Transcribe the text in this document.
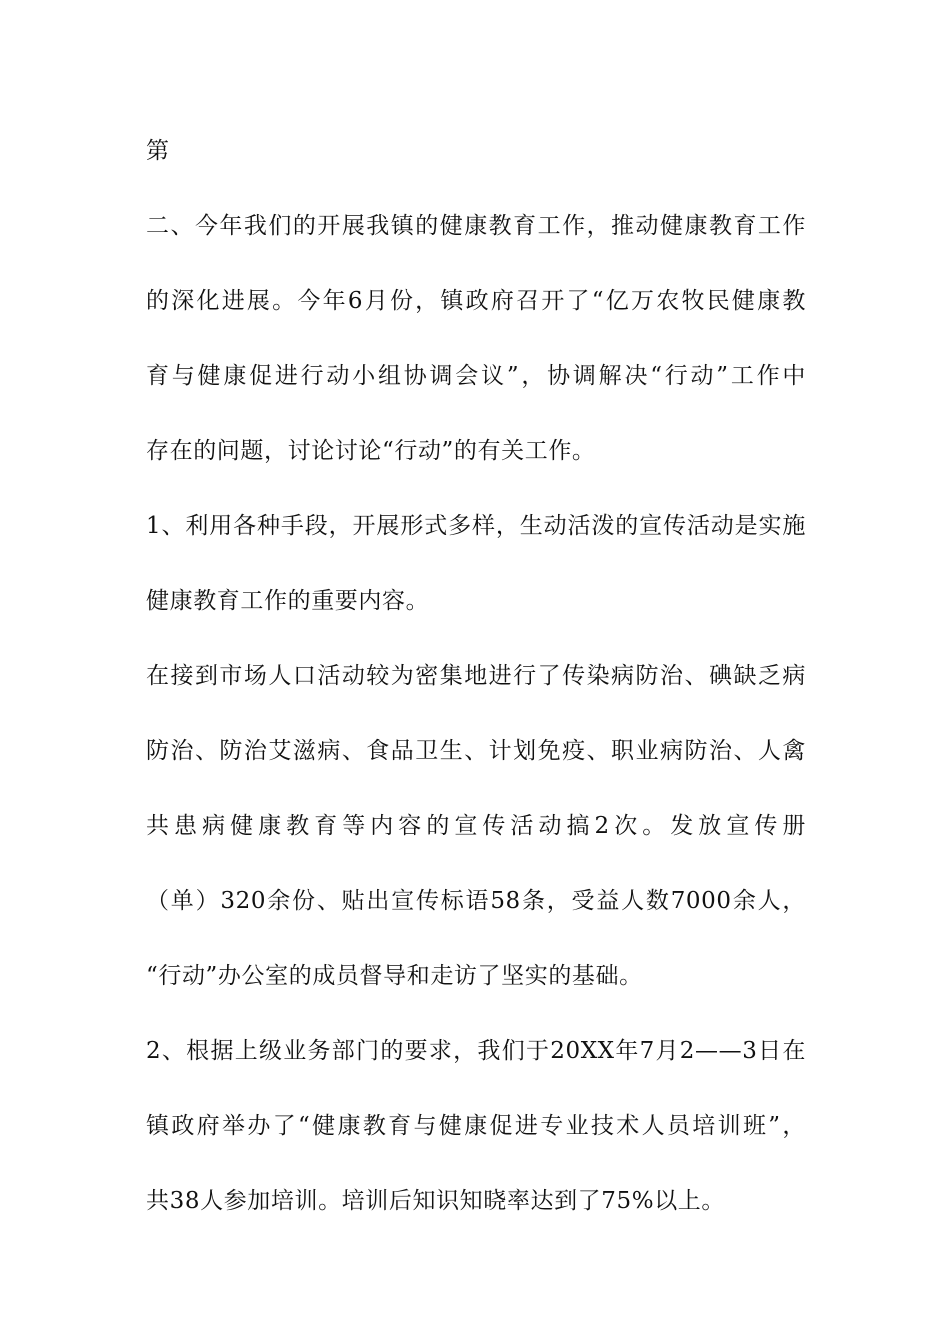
第
二、今年我们的开展我镇的健康教育工作，推动健康教育工作
的深化进展。今年6月份，镇政府召开了“亿万农牧民健康教
育与健康促进行动小组协调会议”，协调解决“行动”工作中
存在的问题，讨论讨论“行动”的有关工作。
1、利用各种手段，开展形式多样，生动活泼的宣传活动是实施
健康教育工作的重要内容。
在接到市场人口活动较为密集地进行了传染病防治、碘缺乏病
防治、防治艾滋病、食品卫生、计划免疫、职业病防治、人禽
共患病健康教育等内容的宣传活动搞2次。发放宣传册
（单）320余份、贴出宣传标语58条，受益人数7000余人，
“行动”办公室的成员督导和走访了坚实的基础。
2、根据上级业务部门的要求，我们于20XX年7月2——3日在
镇政府举办了“健康教育与健康促进专业技术人员培训班”，
共38人参加培训。培训后知识知晓率达到了75%以上。
